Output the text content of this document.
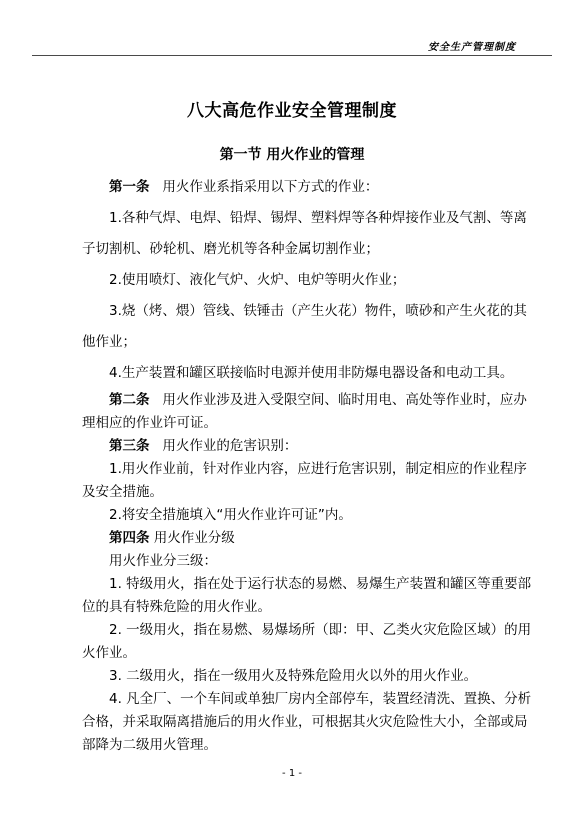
安全生产管理制度
八大高危作业安全管理制度
第一节 用火作业的管理

第一条 用火作业系指采用以下方式的作业：

1.各种气焊、电焊、铅焊、锡焊、塑料焊等各种焊接作业及气割、等离子切割机、砂轮机、磨光机等各种金属切割作业；

2.使用喷灯、液化气炉、火炉、电炉等明火作业；

3.烧（烤、煨）管线、铁锤击（产生火花）物件，喷砂和产生火花的其他作业；

4.生产装置和罐区联接临时电源并使用非防爆电器设备和电动工具。

第二条 用火作业涉及进入受限空间、临时用电、高处等作业时，应办理相应的作业许可证。

第三条 用火作业的危害识别：

1.用火作业前，针对作业内容，应进行危害识别，制定相应的作业程序及安全措施。

2.将安全措施填入“用火作业许可证”内。

第四条 用火作业分级

用火作业分三级：

1. 特级用火，指在处于运行状态的易燃、易爆生产装置和罐区等重要部位的具有特殊危险的用火作业。

2. 一级用火，指在易燃、易爆场所（即：甲、乙类火灾危险区域）的用火作业。

3. 二级用火，指在一级用火及特殊危险用火以外的用火作业。

4. 凡全厂、一个车间或单独厂房内全部停车，装置经清洗、置换、分析合格，并采取隔离措施后的用火作业，可根据其火灾危险性大小，全部或局部降为二级用火管理。

- 1 -
